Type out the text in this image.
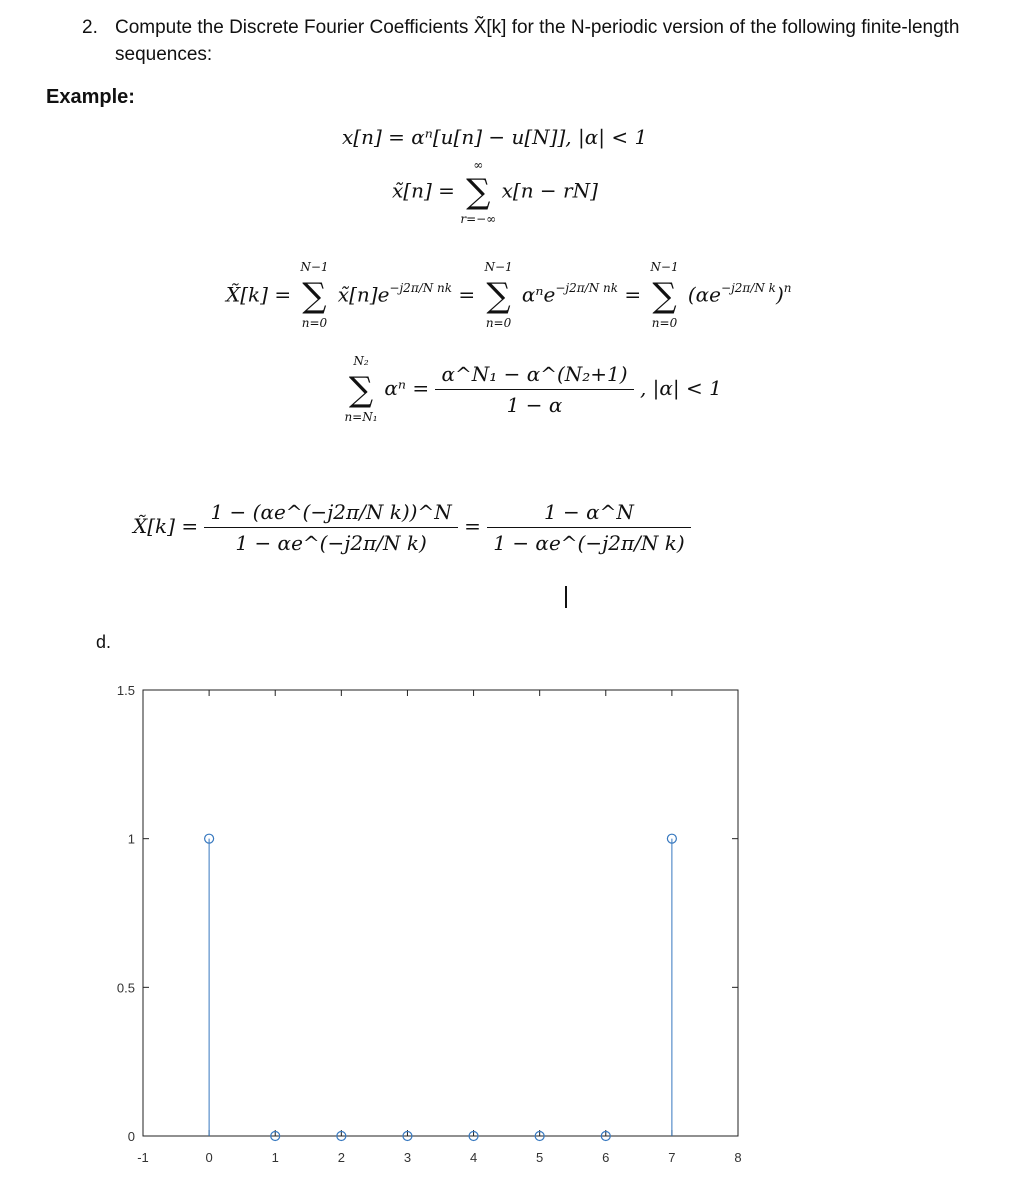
2. Compute the Discrete Fourier Coefficients X̃[k] for the N-periodic version of the following finite-length sequences:
Example:
x[n] = αⁿ[u[n] − u[N]], |α| < 1
x̃[n] = ∑
∞
r=−∞
x[n − rN]
X̃[k] = ∑
N−1
n=0
$x̃[n]e^{-j2\pi/N nk}$ = ∑
N−1
n=0
αⁿe$^{-j2\pi/N nk}$ = ∑
N−1
n=0
$(\alpha e^{-j2\pi/N k})^n$
∑
N₂
n=N₁
$\alpha^n = \frac{\text{α\textasciicircum{}N₁ − α\textasciicircum{}(N₂+1)}}{1 - \alpha}$ , |α| < 1
X̃[k] = $\frac{\text{1 − (αe\textasciicircum{}(−j2π/N k))\textasciicircum{}N}}{\text{1 − αe\textasciicircum{}(−j2π/N k)}} = \frac{1 - \alpha\^{}N}{\text{1 − αe\textasciicircum{}(−j2π/N k)}}$
d.
-1	0	1	2	3	4	5	6	7	8
0
0.5
1
1.5
